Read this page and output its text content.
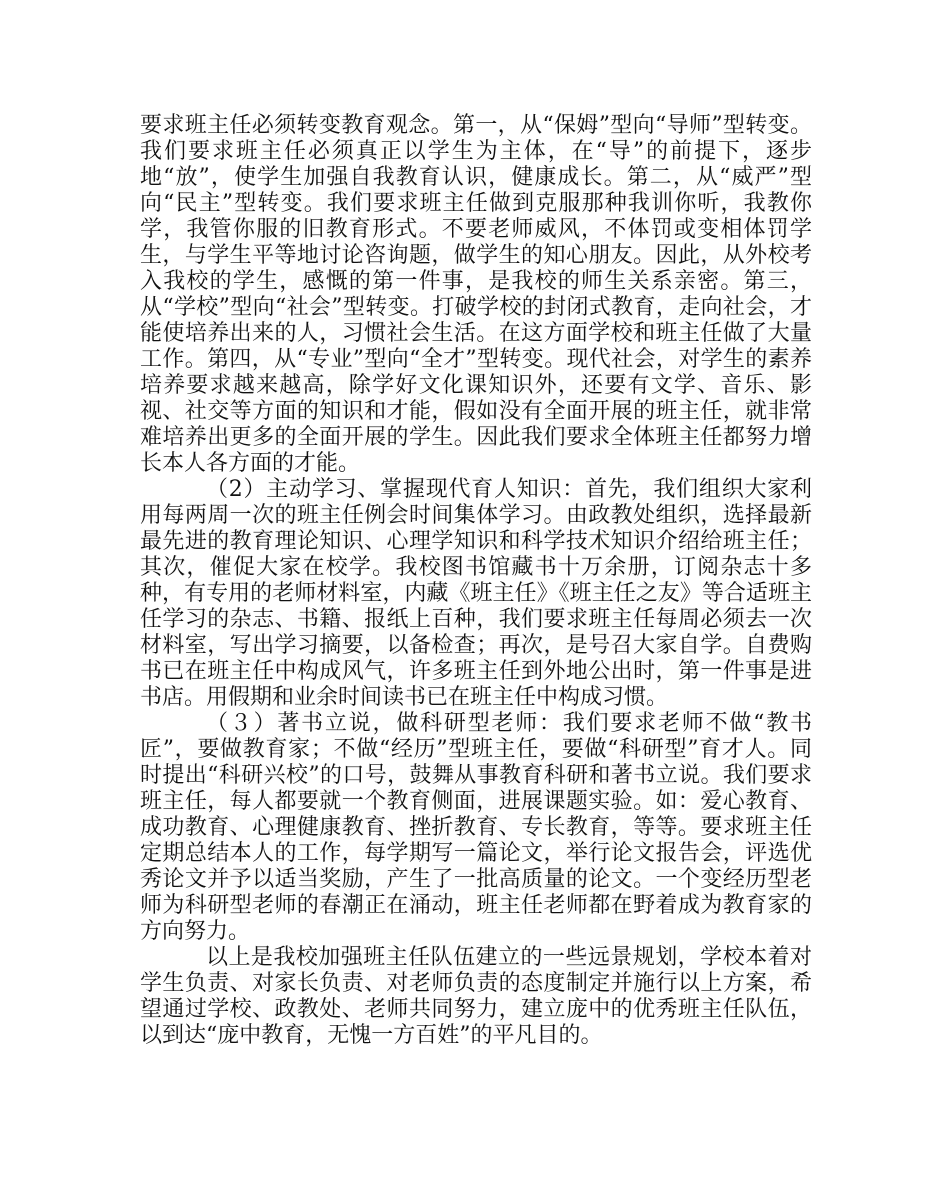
要求班主任必须转变教育观念。第一，从“保姆”型向“导师”型转变。我们要求班主任必须真正以学生为主体，在“导”的前提下，逐步地“放”，使学生加强自我教育认识，健康成长。第二，从“威严”型向“民主”型转变。我们要求班主任做到克服那种我训你听，我教你学，我管你服的旧教育形式。不要老师威风，不体罚或变相体罚学生，与学生平等地讨论咨询题，做学生的知心朋友。因此，从外校考入我校的学生，感慨的第一件事，是我校的师生关系亲密。第三，从“学校”型向“社会”型转变。打破学校的封闭式教育，走向社会，才能使培养出来的人，习惯社会生活。在这方面学校和班主任做了大量工作。第四，从“专业”型向“全才”型转变。现代社会，对学生的素养培养要求越来越高，除学好文化课知识外，还要有文学、音乐、影视、社交等方面的知识和才能，假如没有全面开展的班主任，就非常难培养出更多的全面开展的学生。因此我们要求全体班主任都努力增长本人各方面的才能。

（2）主动学习、掌握现代育人知识：首先，我们组织大家利用每两周一次的班主任例会时间集体学习。由政教处组织，选择最新最先进的教育理论知识、心理学知识和科学技术知识介绍给班主任；其次，催促大家在校学。我校图书馆藏书十万余册，订阅杂志十多种，有专用的老师材料室，内藏《班主任》《班主任之友》等合适班主任学习的杂志、书籍、报纸上百种，我们要求班主任每周必须去一次材料室，写出学习摘要，以备检查；再次，是号召大家自学。自费购书已在班主任中构成风气，许多班主任到外地公出时，第一件事是进书店。用假期和业余时间读书已在班主任中构成习惯。

（３）著书立说，做科研型老师：我们要求老师不做“教书匠”，要做教育家；不做“经历”型班主任，要做“科研型”育才人。同时提出“科研兴校”的口号，鼓舞从事教育科研和著书立说。我们要求班主任，每人都要就一个教育侧面，进展课题实验。如：爱心教育、成功教育、心理健康教育、挫折教育、专长教育，等等。要求班主任定期总结本人的工作，每学期写一篇论文，举行论文报告会，评选优秀论文并予以适当奖励，产生了一批高质量的论文。一个变经历型老师为科研型老师的春潮正在涌动，班主任老师都在野着成为教育家的方向努力。

以上是我校加强班主任队伍建立的一些远景规划，学校本着对学生负责、对家长负责、对老师负责的态度制定并施行以上方案，希望通过学校、政教处、老师共同努力，建立庞中的优秀班主任队伍，以到达“庞中教育，无愧一方百姓”的平凡目的。
